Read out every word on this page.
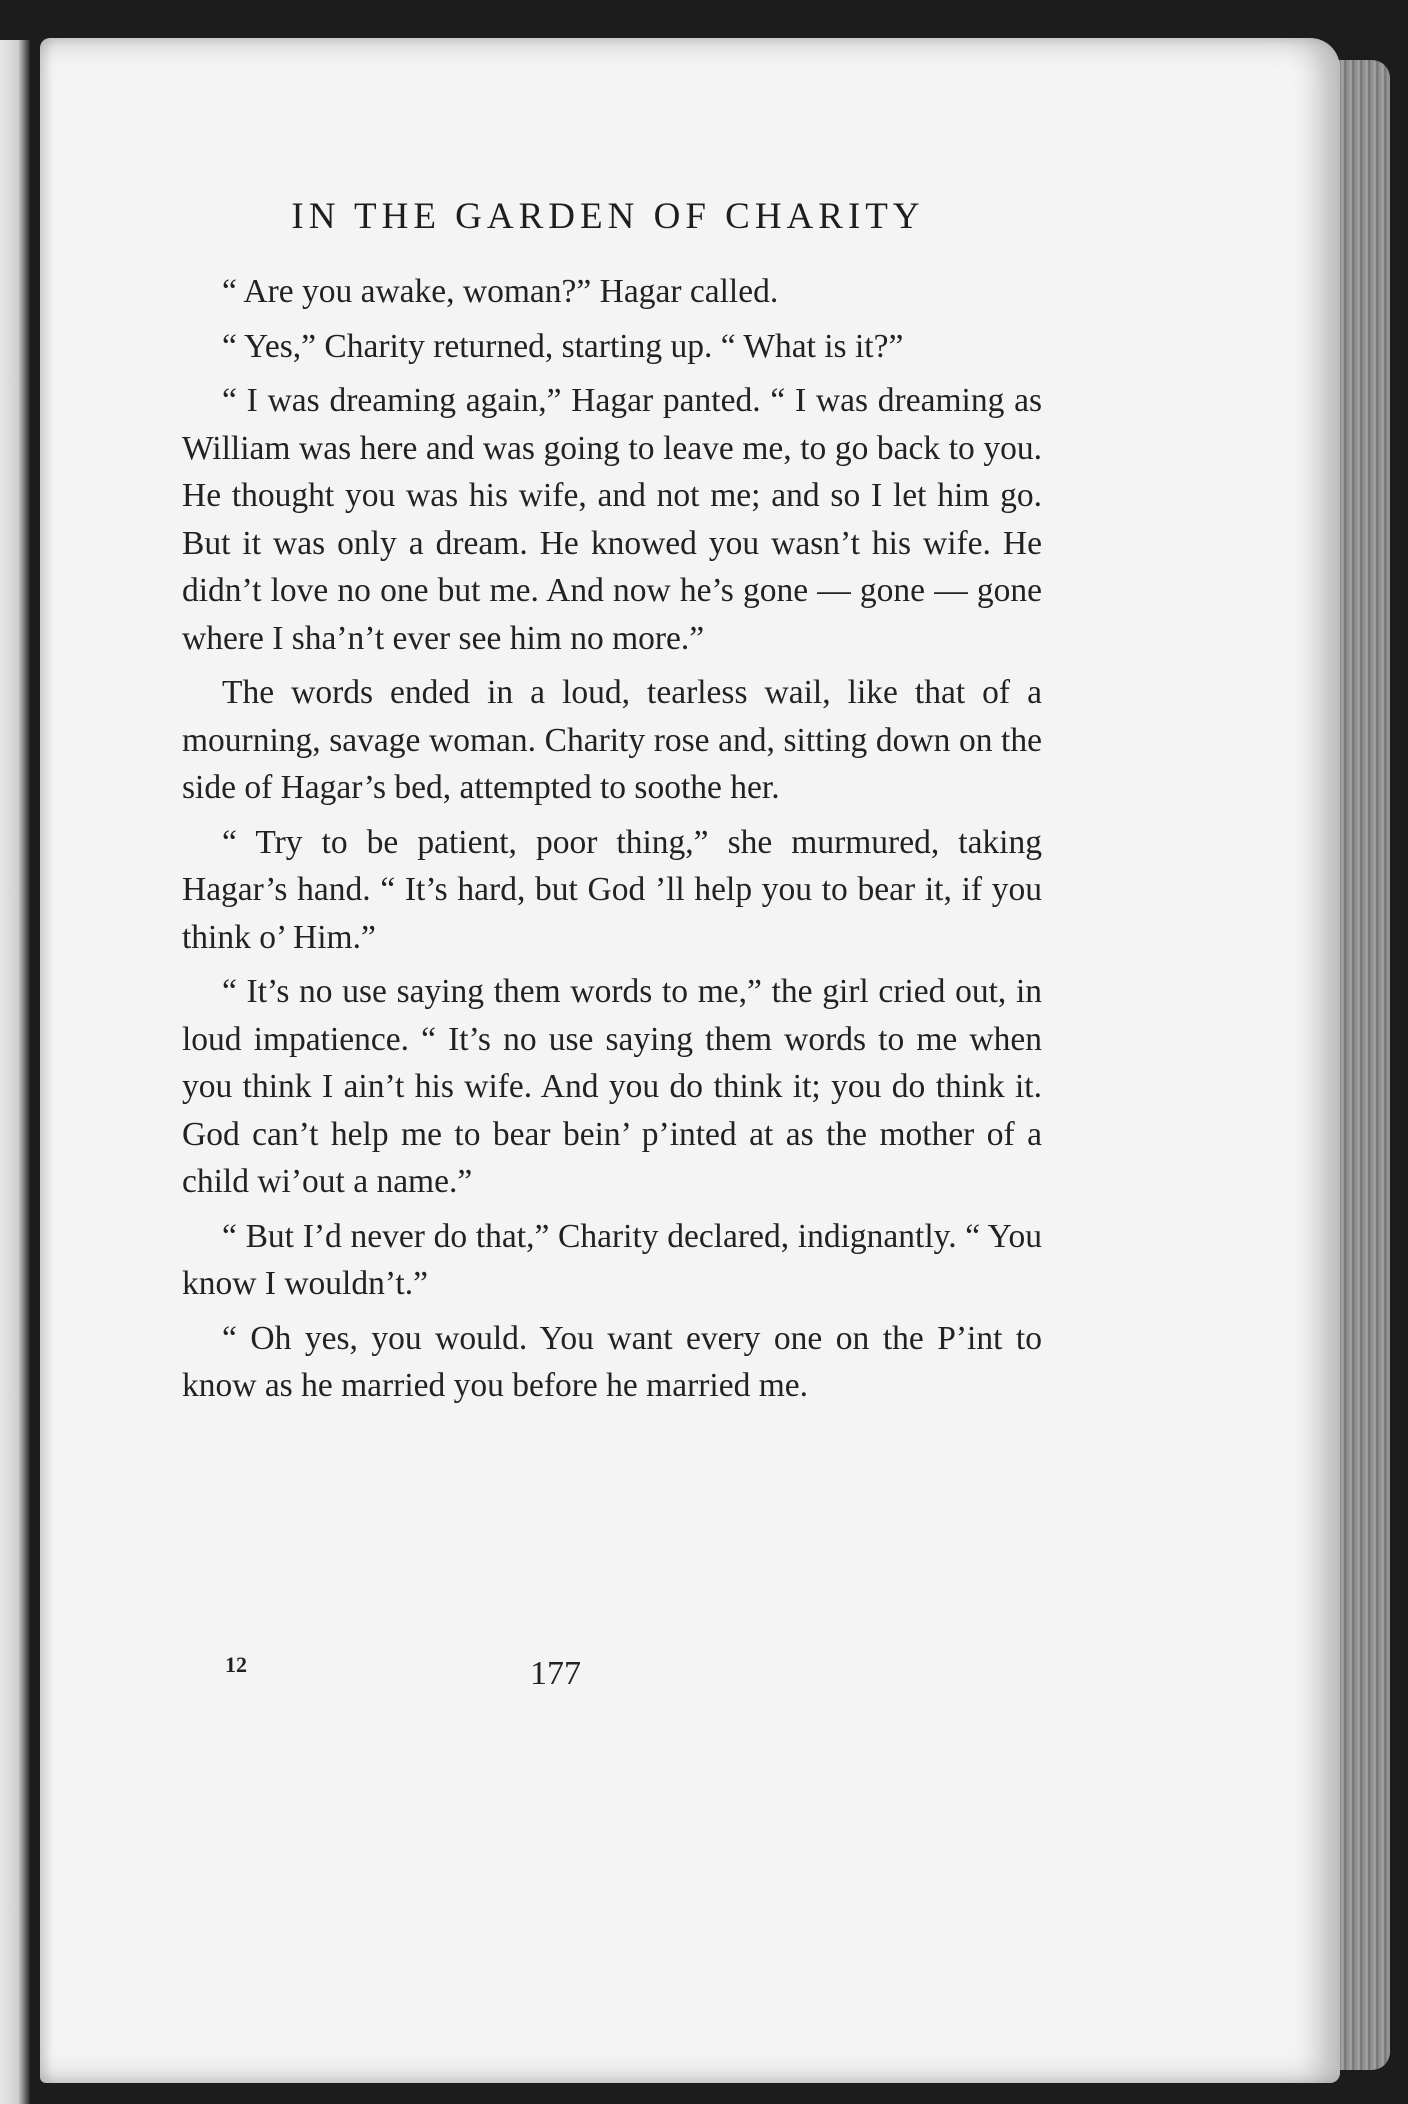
IN THE GARDEN OF CHARITY

“ Are you awake, woman?” Hagar called.

“ Yes,” Charity returned, starting up. “ What is it?”

“ I was dreaming again,” Hagar panted. “ I was dreaming as William was here and was going to leave me, to go back to you. He thought you was his wife, and not me; and so I let him go. But it was only a dream. He knowed you wasn’t his wife. He didn’t love no one but me. And now he’s gone — gone — gone where I sha’n’t ever see him no more.”

The words ended in a loud, tearless wail, like that of a mourning, savage woman. Charity rose and, sitting down on the side of Hagar’s bed, attempted to soothe her.

“ Try to be patient, poor thing,” she murmured, taking Hagar’s hand. “ It’s hard, but God ’ll help you to bear it, if you think o’ Him.”

“ It’s no use saying them words to me,” the girl cried out, in loud impatience. “ It’s no use saying them words to me when you think I ain’t his wife. And you do think it; you do think it. God can’t help me to bear bein’ p’inted at as the mother of a child wi’out a name.”

“ But I’d never do that,” Charity declared, indignantly. “ You know I wouldn’t.”

“ Oh yes, you would. You want every one on the P’int to know as he married you before he married me.

12	177
